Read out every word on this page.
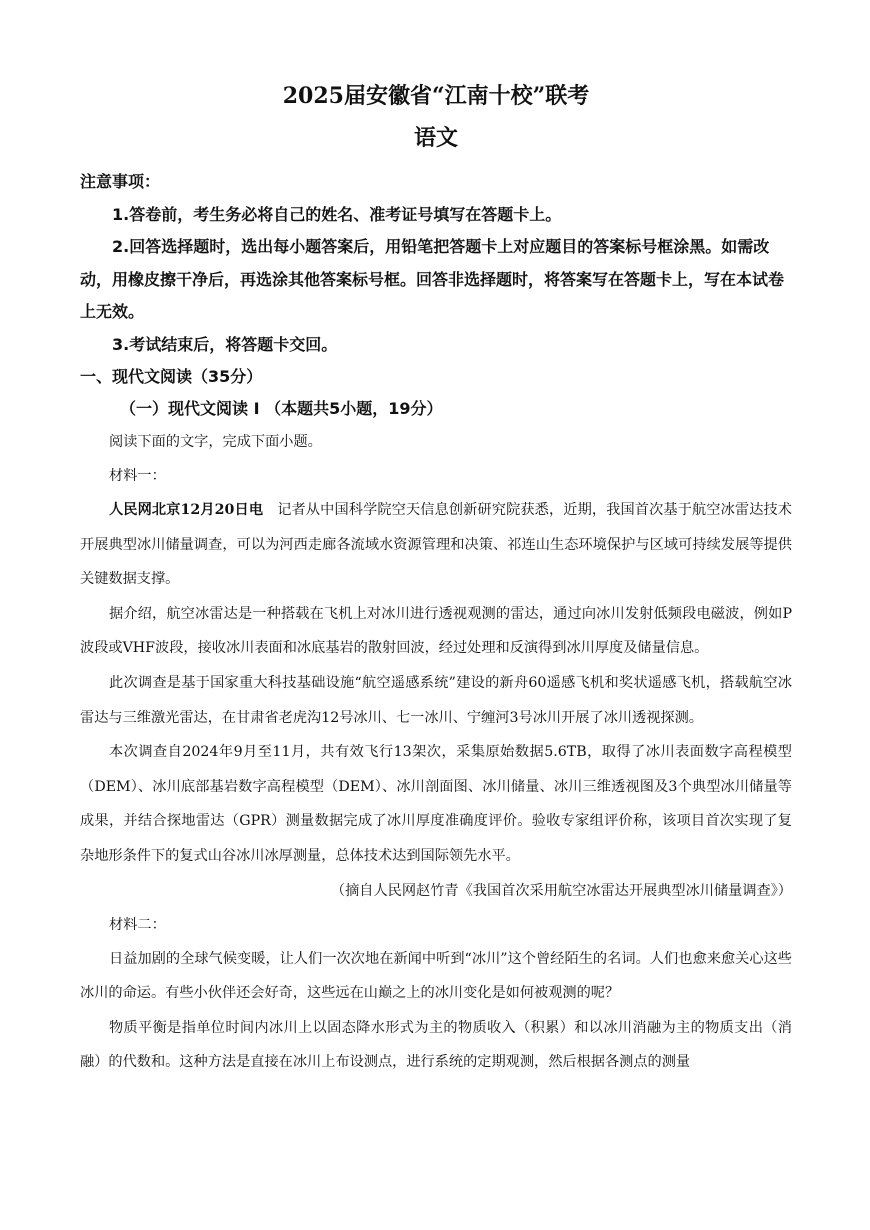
2025届安徽省“江南十校”联考
语文

注意事项：

1.答卷前，考生务必将自己的姓名、准考证号填写在答题卡上。

2.回答选择题时，选出每小题答案后，用铅笔把答题卡上对应题目的答案标号框涂黑。如需改动，用橡皮擦干净后，再选涂其他答案标号框。回答非选择题时，将答案写在答题卡上，写在本试卷上无效。

3.考试结束后，将答题卡交回。

一、现代文阅读（35分）

（一）现代文阅读 Ⅰ （本题共5小题，19分）

阅读下面的文字，完成下面小题。

材料一：

人民网北京12月20日电 记者从中国科学院空天信息创新研究院获悉，近期，我国首次基于航空冰雷达技术开展典型冰川储量调查，可以为河西走廊各流域水资源管理和决策、祁连山生态环境保护与区域可持续发展等提供关键数据支撑。

据介绍，航空冰雷达是一种搭载在飞机上对冰川进行透视观测的雷达，通过向冰川发射低频段电磁波，例如P波段或VHF波段，接收冰川表面和冰底基岩的散射回波，经过处理和反演得到冰川厚度及储量信息。

此次调查是基于国家重大科技基础设施“航空遥感系统”建设的新舟60遥感飞机和奖状遥感飞机，搭载航空冰雷达与三维激光雷达，在甘肃省老虎沟12号冰川、七一冰川、宁缠河3号冰川开展了冰川透视探测。

本次调查自2024年9月至11月，共有效飞行13架次，采集原始数据5.6TB，取得了冰川表面数字高程模型（DEM）、冰川底部基岩数字高程模型（DEM）、冰川剖面图、冰川储量、冰川三维透视图及3个典型冰川储量等成果，并结合探地雷达（GPR）测量数据完成了冰川厚度准确度评价。验收专家组评价称，该项目首次实现了复杂地形条件下的复式山谷冰川冰厚测量，总体技术达到国际领先水平。

（摘自人民网赵竹青《我国首次采用航空冰雷达开展典型冰川储量调查》）

材料二：

日益加剧的全球气候变暖，让人们一次次地在新闻中听到“冰川”这个曾经陌生的名词。人们也愈来愈关心这些冰川的命运。有些小伙伴还会好奇，这些远在山巅之上的冰川变化是如何被观测的呢？

物质平衡是指单位时间内冰川上以固态降水形式为主的物质收入（积累）和以冰川消融为主的物质支出（消融）的代数和。这种方法是直接在冰川上布设测点，进行系统的定期观测，然后根据各测点的测量
